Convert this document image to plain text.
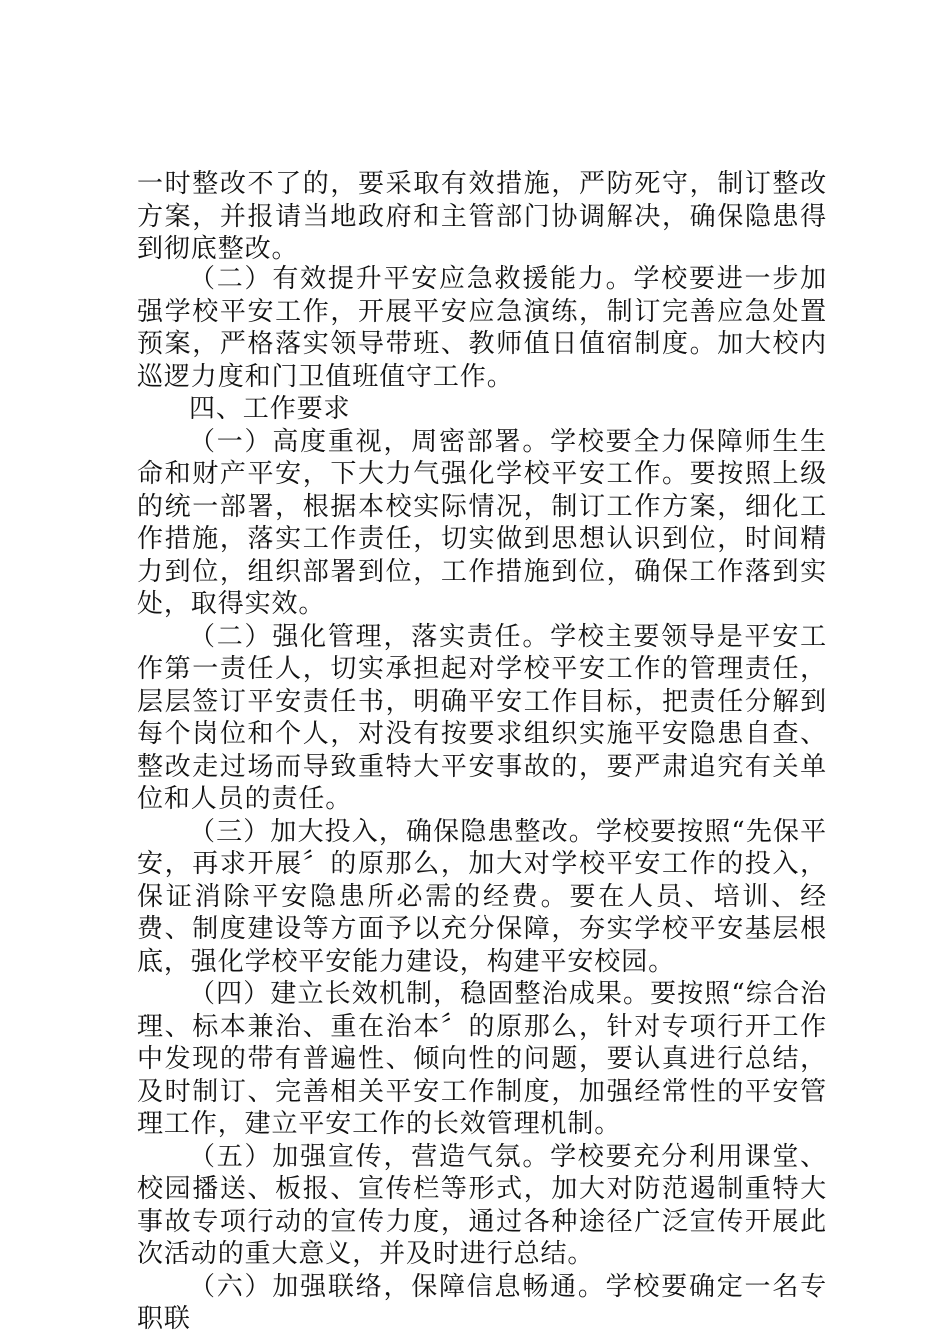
一时整改不了的，要采取有效措施，严防死守，制订整改方案，并报请当地政府和主管部门协调解决，确保隐患得到彻底整改。

（二）有效提升平安应急救援能力。学校要进一步加强学校平安工作，开展平安应急演练，制订完善应急处置预案，严格落实领导带班、教师值日值宿制度。加大校内巡逻力度和门卫值班值守工作。

四、工作要求

（一）高度重视，周密部署。学校要全力保障师生生命和财产平安，下大力气强化学校平安工作。要按照上级的统一部署，根据本校实际情况，制订工作方案，细化工作措施，落实工作责任，切实做到思想认识到位，时间精力到位，组织部署到位，工作措施到位，确保工作落到实处，取得实效。

（二）强化管理，落实责任。学校主要领导是平安工作第一责任人，切实承担起对学校平安工作的管理责任，层层签订平安责任书，明确平安工作目标，把责任分解到每个岗位和个人，对没有按要求组织实施平安隐患自查、整改走过场而导致重特大平安事故的，要严肃追究有关单位和人员的责任。

（三）加大投入，确保隐患整改。学校要按照“先保平安，再求开展〞的原那么，加大对学校平安工作的投入，保证消除平安隐患所必需的经费。要在人员、培训、经费、制度建设等方面予以充分保障，夯实学校平安基层根底，强化学校平安能力建设，构建平安校园。

（四）建立长效机制，稳固整治成果。要按照“综合治理、标本兼治、重在治本〞的原那么，针对专项行开工作中发现的带有普遍性、倾向性的问题，要认真进行总结，及时制订、完善相关平安工作制度，加强经常性的平安管理工作，建立平安工作的长效管理机制。

（五）加强宣传，营造气氛。学校要充分利用课堂、校园播送、板报、宣传栏等形式，加大对防范遏制重特大事故专项行动的宣传力度，通过各种途径广泛宣传开展此次活动的重大意义，并及时进行总结。

（六）加强联络，保障信息畅通。学校要确定一名专职联
